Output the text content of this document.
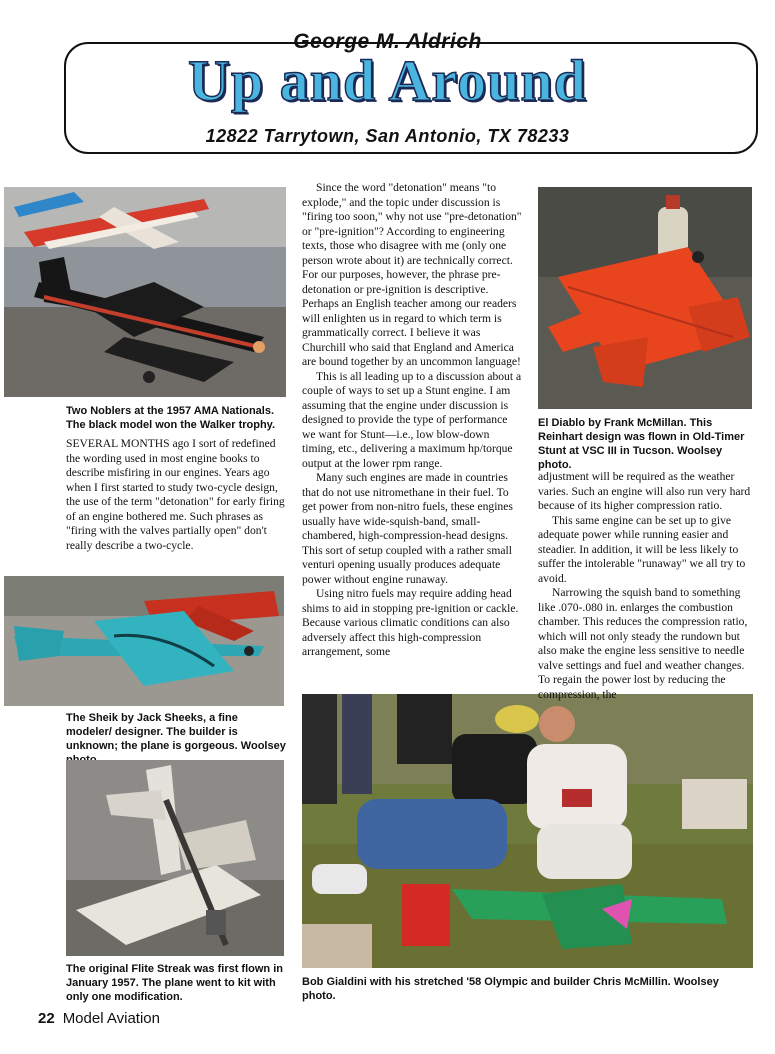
George M. Aldrich
Up and Around
12822 Tarrytown, San Antonio, TX 78233
Two Noblers at the 1957 AMA Nationals. The black model won the Walker trophy.	El Diablo by Frank McMillan. This Reinhart design was flown in Old-Timer Stunt at VSC III in Tucson. Woolsey photo.
The Sheik by Jack Sheeks, a fine modeler/ designer. The builder is unknown; the plane is gorgeous. Woolsey
The original Flite Streak was first flown in January 1957. The plane went to kit with only one modification.
Bob Gialdini with his stretched '58 Olympic and builder Chris McMillin. Woolsey photo.

SEVERAL MONTHS ago I sort of redefined the wording used in most engine books to describe misfiring in our engines. Years ago when I first started to study two-cycle design, the use of the term "detonation" for early firing of an engine bothered me. Such phrases as "firing with the valves partially open" don't really describe a two-cycle.

Since the word "detonation" means "to explode," and the topic under discussion is "firing too soon," why not use "pre-detonation" or "pre-ignition"? According to engineering texts, those who disagree with me (only one person wrote about it) are technically correct. For our purposes, however, the phrase pre-detonation or pre-ignition is descriptive. Perhaps an English teacher among our readers will enlighten us in regard to which term is grammatically correct. I believe it was Churchill who said that England and America are bound together by an uncommon language!

This is all leading up to a discussion about a couple of ways to set up a Stunt engine. I am assuming that the engine under discussion is designed to provide the type of performance we want for Stunt—i.e., low blow-down timing, etc., delivering a maximum hp/torque output at the lower rpm range.

Many such engines are made in countries that do not use nitromethane in their fuel. To get power from non-nitro fuels, these engines usually have wide-squish-band, small-chambered, high-compression-head designs. This sort of setup coupled with a rather small venturi opening usually produces adequate power without engine runaway.

Using nitro fuels may require adding head shims to aid in stopping pre-ignition or cackle. Because various climatic conditions can also adversely affect this high-compression arrangement, some

adjustment will be required as the weather varies. Such an engine will also run very hard because of its higher compression ratio.

This same engine can be set up to give adequate power while running easier and steadier. In addition, it will be less likely to suffer the intolerable "runaway" we all try to avoid.

Narrowing the squish band to something like .070-.080 in. enlarges the combustion chamber. This reduces the compression ratio, which will not only steady the rundown but also make the engine less sensitive to needle valve settings and fuel and weather changes. To regain the power lost by reducing the compression, the

22 Model Aviation
